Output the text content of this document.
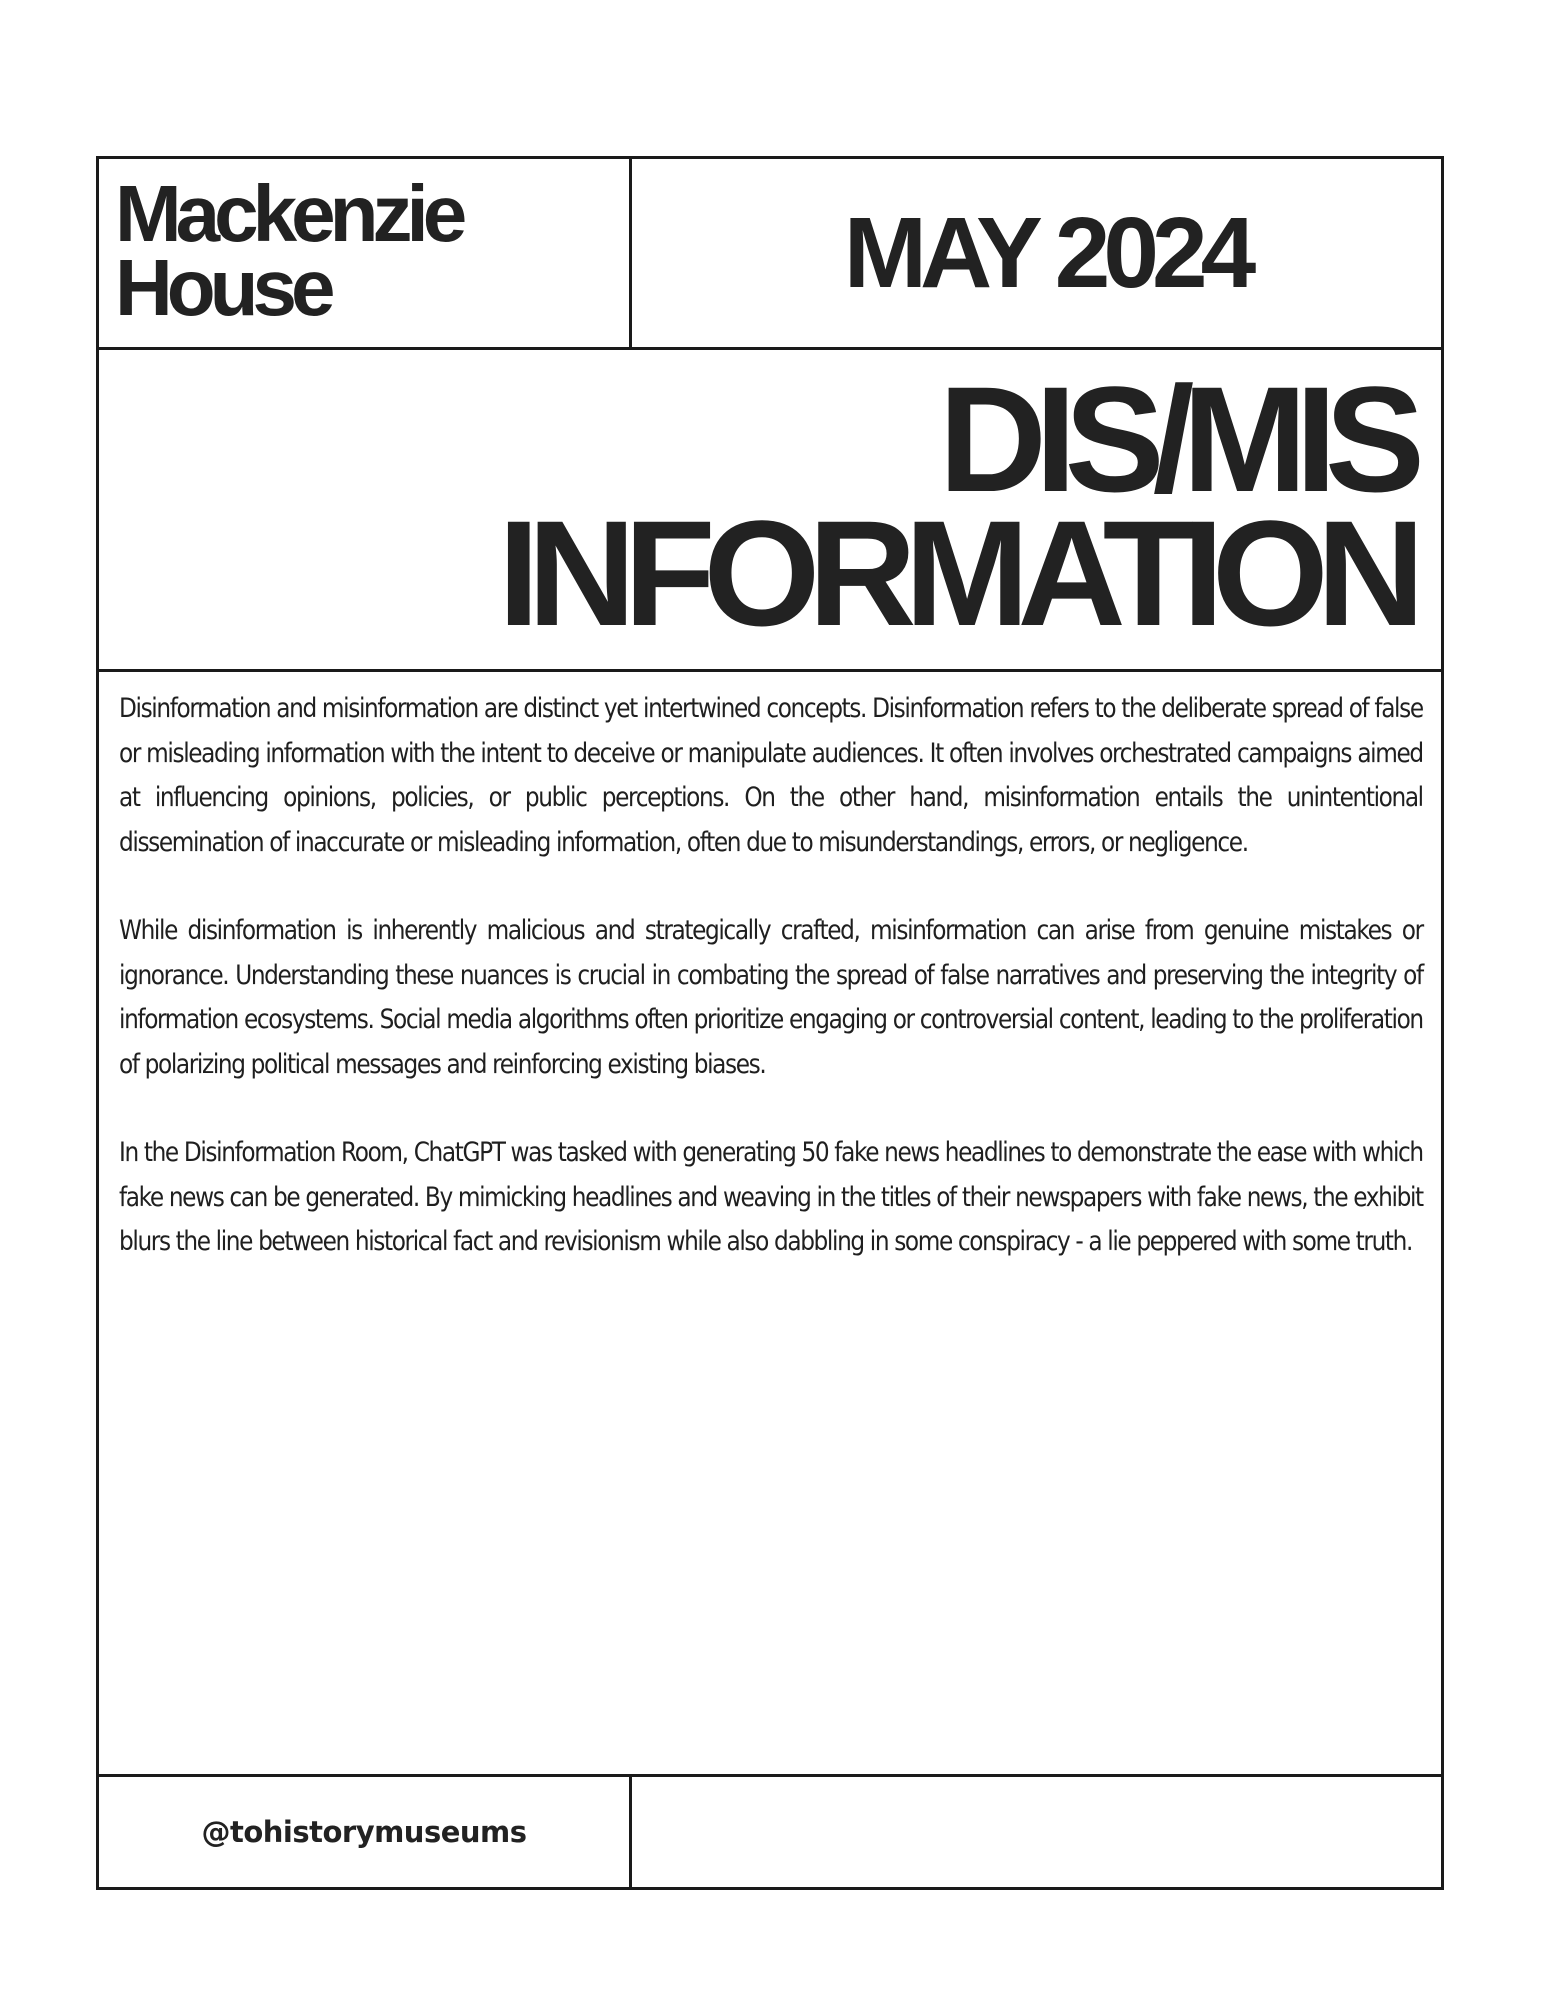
Mackenzie
House	MAY 2024
DIS/MIS
INFORMATION

Disinformation and misinformation are distinct yet intertwined concepts. Disinformation refers to the deliberate spread of false or misleading information with the intent to deceive or manipulate audiences. It often involves orchestrated campaigns aimed at influencing opinions, policies, or public perceptions. On the other hand, misinformation entails the unintentional dissemination of inaccurate or misleading information, often due to misunderstandings, errors, or negligence.

While disinformation is inherently malicious and strategically crafted, misinformation can arise from genuine mistakes or ignorance. Understanding these nuances is crucial in combating the spread of false narratives and preserving the integrity of information ecosystems. Social media algorithms often prioritize engaging or controversial content, leading to the proliferation of polarizing political messages and reinforcing existing biases.

In the Disinformation Room, ChatGPT was tasked with generating 50 fake news headlines to demonstrate the ease with which fake news can be generated. By mimicking headlines and weaving in the titles of their newspapers with fake news, the exhibit blurs the line between historical fact and revisionism while also dabbling in some conspiracy - a lie peppered with some truth.

@tohistorymuseums
